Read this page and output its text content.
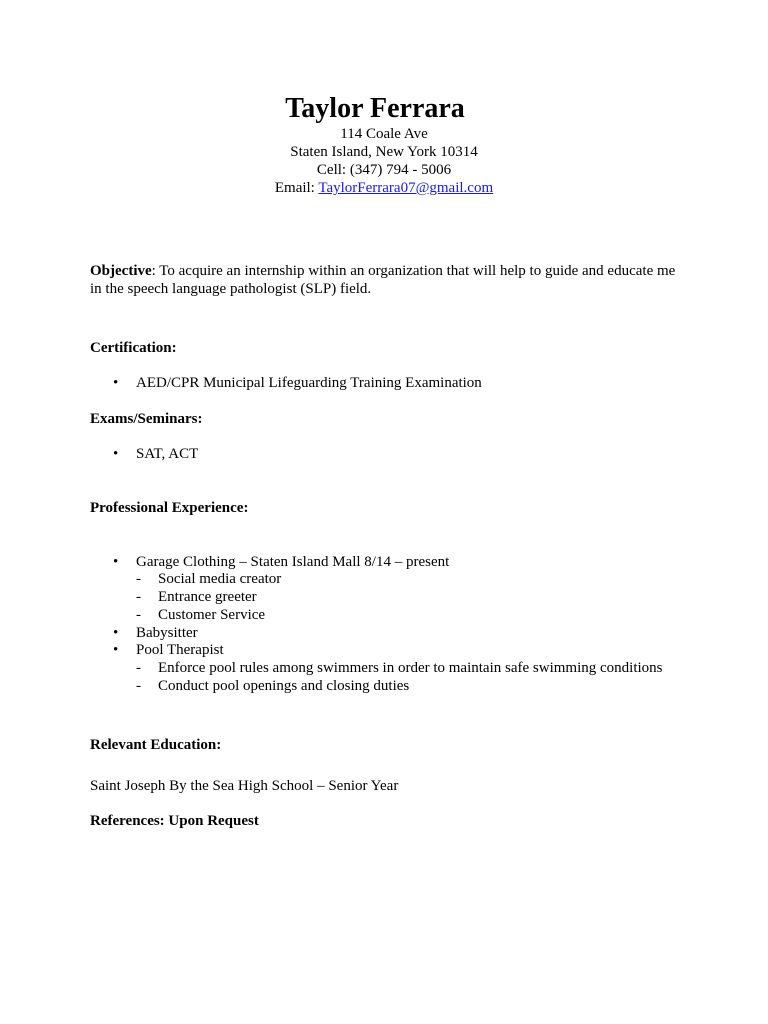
Taylor Ferrara
114 Coale Ave
Staten Island, New York 10314
Cell: (347) 794 - 5006
Email: TaylorFerrara07@gmail.com
Objective: To acquire an internship within an organization that will help to guide and educate me in the speech language pathologist (SLP) field.
Certification:
• AED/CPR Municipal Lifeguarding Training Examination
Exams/Seminars:
• SAT, ACT
Professional Experience:
• Garage Clothing – Staten Island Mall 8/14 – present
- Social media creator
- Entrance greeter
- Customer Service
• Babysitter
• Pool Therapist
- Enforce pool rules among swimmers in order to maintain safe swimming conditions
- Conduct pool openings and closing duties
Relevant Education:
Saint Joseph By the Sea High School – Senior Year
References: Upon Request
